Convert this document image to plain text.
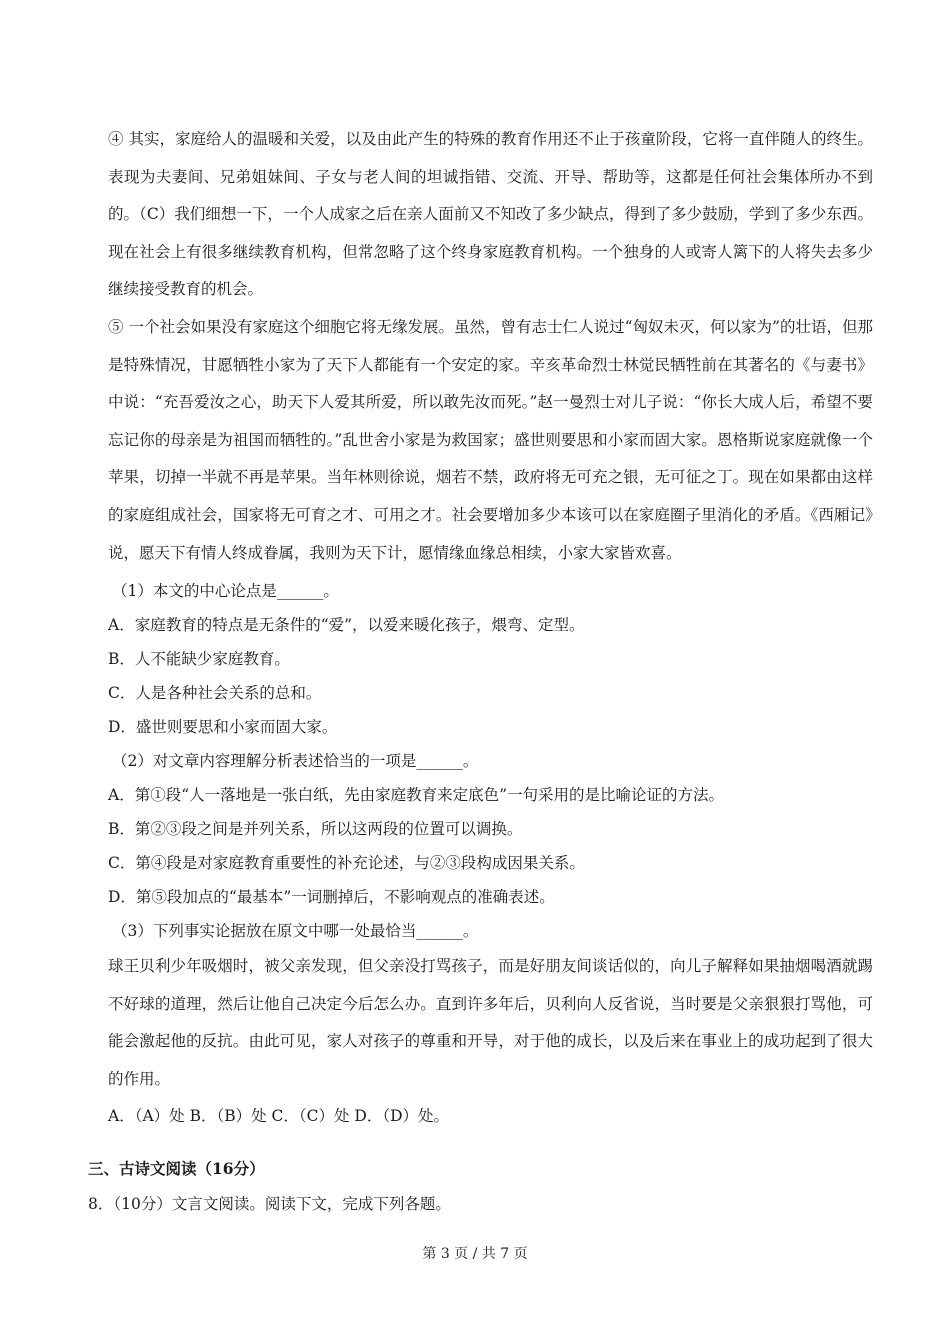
④ 其实，家庭给人的温暖和关爱，以及由此产生的特殊的教育作用还不止于孩童阶段，它将一直伴随人的终生。表现为夫妻间、兄弟姐妹间、子女与老人间的坦诚指错、交流、开导、帮助等，这都是任何社会集体所办不到的。（C）我们细想一下，一个人成家之后在亲人面前又不知改了多少缺点，得到了多少鼓励，学到了多少东西。现在社会上有很多继续教育机构，但常忽略了这个终身家庭教育机构。一个独身的人或寄人篱下的人将失去多少继续接受教育的机会。

⑤ 一个社会如果没有家庭这个细胞它将无缘发展。虽然，曾有志士仁人说过“匈奴未灭，何以家为”的壮语，但那是特殊情况，甘愿牺牲小家为了天下人都能有一个安定的家。辛亥革命烈士林觉民牺牲前在其著名的《与妻书》中说：“充吾爱汝之心，助天下人爱其所爱，所以敢先汝而死。”赵一曼烈士对儿子说：“你长大成人后，希望不要忘记你的母亲是为祖国而牺牲的。”乱世舍小家是为救国家；盛世则要思和小家而固大家。恩格斯说家庭就像一个苹果，切掉一半就不再是苹果。当年林则徐说，烟若不禁，政府将无可充之银，无可征之丁。现在如果都由这样的家庭组成社会，国家将无可育之才、可用之才。社会要增加多少本该可以在家庭圈子里消化的矛盾。《西厢记》说，愿天下有情人终成眷属，我则为天下计，愿情缘血缘总相续，小家大家皆欢喜。

（1）本文的中心论点是______。

A．家庭教育的特点是无条件的“爱”，以爱来暖化孩子，煨弯、定型。

B．人不能缺少家庭教育。

C．人是各种社会关系的总和。

D．盛世则要思和小家而固大家。

（2）对文章内容理解分析表述恰当的一项是______。

A．第①段“人一落地是一张白纸，先由家庭教育来定底色”一句采用的是比喻论证的方法。

B．第②③段之间是并列关系，所以这两段的位置可以调换。

C．第④段是对家庭教育重要性的补充论述，与②③段构成因果关系。

D．第⑤段加点的“最基本”一词删掉后，不影响观点的准确表述。

（3）下列事实论据放在原文中哪一处最恰当______。

球王贝利少年吸烟时，被父亲发现，但父亲没打骂孩子，而是好朋友间谈话似的，向儿子解释如果抽烟喝酒就踢不好球的道理，然后让他自己决定今后怎么办。直到许多年后，贝利向人反省说，当时要是父亲狠狠打骂他，可能会激起他的反抗。由此可见，家人对孩子的尊重和开导，对于他的成长，以及后来在事业上的成功起到了很大的作用。

A．（A）处 B．（B）处 C．（C）处 D．（D）处。

三、古诗文阅读（16分）
8．（10分）文言文阅读。阅读下文，完成下列各题。
第 3 页 / 共 7 页
